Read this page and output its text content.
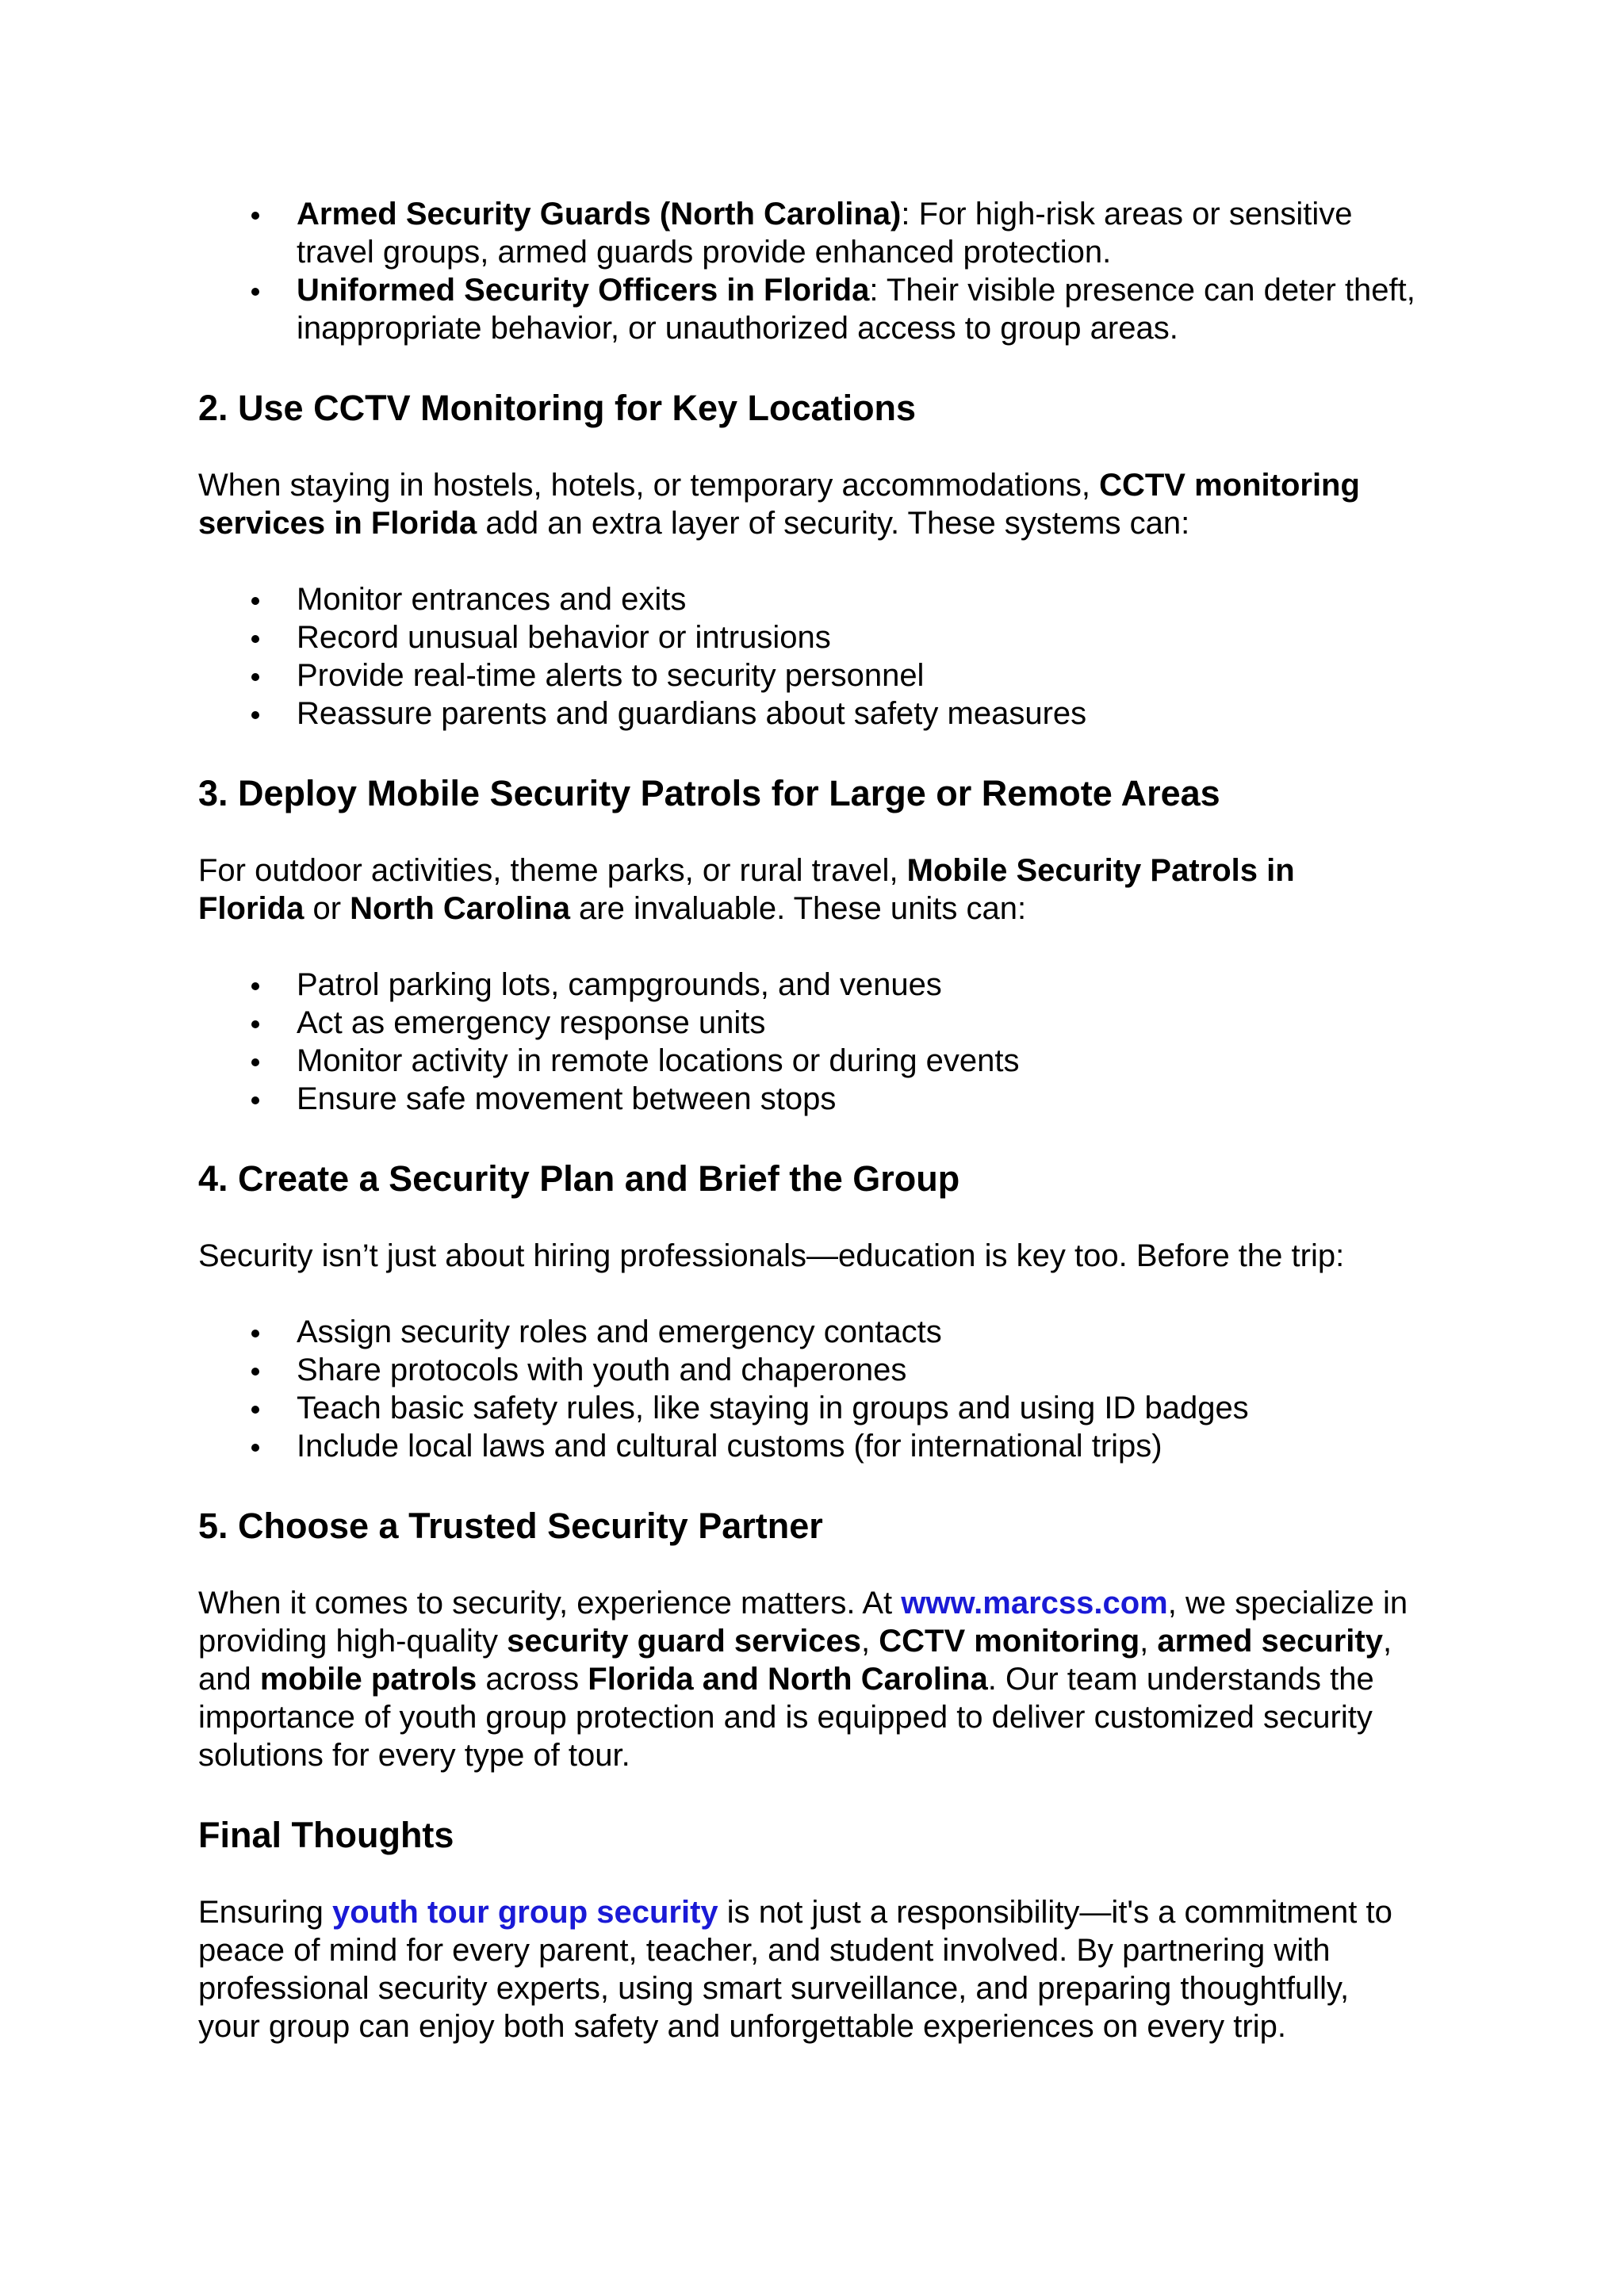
Armed Security Guards (North Carolina): For high-risk areas or sensitive travel groups, armed guards provide enhanced protection.
Uniformed Security Officers in Florida: Their visible presence can deter theft, inappropriate behavior, or unauthorized access to group areas.
2. Use CCTV Monitoring for Key Locations

When staying in hostels, hotels, or temporary accommodations, CCTV monitoring services in Florida add an extra layer of security. These systems can:

Monitor entrances and exits
Record unusual behavior or intrusions
Provide real-time alerts to security personnel
Reassure parents and guardians about safety measures
3. Deploy Mobile Security Patrols for Large or Remote Areas

For outdoor activities, theme parks, or rural travel, Mobile Security Patrols in Florida or North Carolina are invaluable. These units can:

Patrol parking lots, campgrounds, and venues
Act as emergency response units
Monitor activity in remote locations or during events
Ensure safe movement between stops
4. Create a Security Plan and Brief the Group

Security isn’t just about hiring professionals—education is key too. Before the trip:

Assign security roles and emergency contacts
Share protocols with youth and chaperones
Teach basic safety rules, like staying in groups and using ID badges
Include local laws and cultural customs (for international trips)
5. Choose a Trusted Security Partner

When it comes to security, experience matters. At www.marcss.com, we specialize in providing high-quality security guard services, CCTV monitoring, armed security, and mobile patrols across Florida and North Carolina. Our team understands the importance of youth group protection and is equipped to deliver customized security solutions for every type of tour.

Final Thoughts

Ensuring youth tour group security is not just a responsibility—it's a commitment to peace of mind for every parent, teacher, and student involved. By partnering with professional security experts, using smart surveillance, and preparing thoughtfully, your group can enjoy both safety and unforgettable experiences on every trip.
